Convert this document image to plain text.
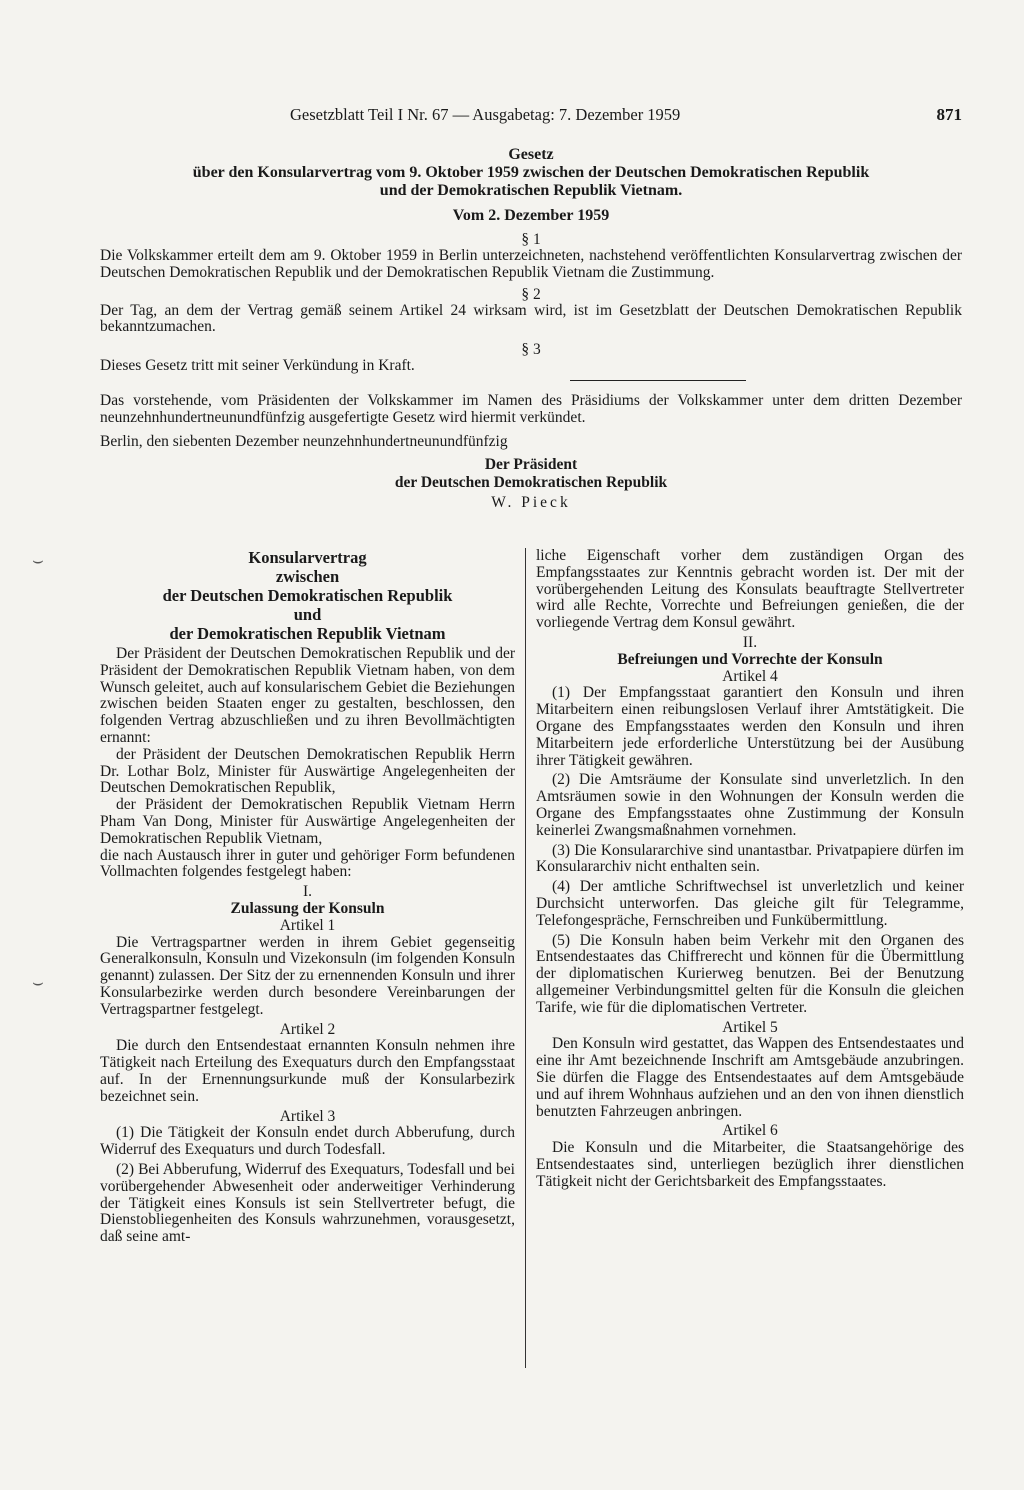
Gesetzblatt Teil I Nr. 67 — Ausgabetag: 7. Dezember 1959	871
Gesetz
über den Konsularvertrag vom 9. Oktober 1959 zwischen der Deutschen Demokratischen Republik
und der Demokratischen Republik Vietnam.
Vom 2. Dezember 1959
§ 1

Die Volkskammer erteilt dem am 9. Oktober 1959 in Berlin unterzeichneten, nachstehend veröffentlichten Konsularvertrag zwischen der Deutschen Demokratischen Republik und der Demokratischen Republik Vietnam die Zustimmung.

§ 2

Der Tag, an dem der Vertrag gemäß seinem Artikel 24 wirksam wird, ist im Gesetzblatt der Deutschen Demokratischen Republik bekanntzumachen.

§ 3

Dieses Gesetz tritt mit seiner Verkündung in Kraft.

Das vorstehende, vom Präsidenten der Volkskammer im Namen des Präsidiums der Volkskammer unter dem dritten Dezember neunzehnhundertneunundfünfzig ausgefertigte Gesetz wird hiermit verkündet.

Berlin, den siebenten Dezember neunzehnhundertneunundfünfzig

Der Präsident
der Deutschen Demokratischen Republik
W. Pieck
Konsularvertrag
zwischen
der Deutschen Demokratischen Republik
und
der Demokratischen Republik Vietnam

Der Präsident der Deutschen Demokratischen Republik und der Präsident der Demokratischen Republik Vietnam haben, von dem Wunsch geleitet, auch auf konsularischem Gebiet die Beziehungen zwischen beiden Staaten enger zu gestalten, beschlossen, den folgenden Vertrag abzuschließen und zu ihren Bevollmächtigten ernannt:

der Präsident der Deutschen Demokratischen Republik Herrn Dr. Lothar Bolz, Minister für Auswärtige Angelegenheiten der Deutschen Demokratischen Republik,

der Präsident der Demokratischen Republik Vietnam Herrn Pham Van Dong, Minister für Auswärtige Angelegenheiten der Demokratischen Republik Vietnam,

die nach Austausch ihrer in guter und gehöriger Form befundenen Vollmachten folgendes festgelegt haben:

I.
Zulassung der Konsuln
Artikel 1

Die Vertragspartner werden in ihrem Gebiet gegenseitig Generalkonsuln, Konsuln und Vizekonsuln (im folgenden Konsuln genannt) zulassen. Der Sitz der zu ernennenden Konsuln und ihrer Konsularbezirke werden durch besondere Vereinbarungen der Vertragspartner festgelegt.

Artikel 2

Die durch den Entsendestaat ernannten Konsuln nehmen ihre Tätigkeit nach Erteilung des Exequaturs durch den Empfangsstaat auf. In der Ernennungsurkunde muß der Konsularbezirk bezeichnet sein.

Artikel 3

(1) Die Tätigkeit der Konsuln endet durch Abberufung, durch Widerruf des Exequaturs und durch Todesfall.

(2) Bei Abberufung, Widerruf des Exequaturs, Todesfall und bei vorübergehender Abwesenheit oder anderweitiger Verhinderung der Tätigkeit eines Konsuls ist sein Stellvertreter befugt, die Dienstobliegenheiten des Konsuls wahrzunehmen, vorausgesetzt, daß seine amt-

liche Eigenschaft vorher dem zuständigen Organ des Empfangsstaates zur Kenntnis gebracht worden ist. Der mit der vorübergehenden Leitung des Konsulats beauftragte Stellvertreter wird alle Rechte, Vorrechte und Befreiungen genießen, die der vorliegende Vertrag dem Konsul gewährt.

II.
Befreiungen und Vorrechte der Konsuln
Artikel 4

(1) Der Empfangsstaat garantiert den Konsuln und ihren Mitarbeitern einen reibungslosen Verlauf ihrer Amtstätigkeit. Die Organe des Empfangsstaates werden den Konsuln und ihren Mitarbeitern jede erforderliche Unterstützung bei der Ausübung ihrer Tätigkeit gewähren.

(2) Die Amtsräume der Konsulate sind unverletzlich. In den Amtsräumen sowie in den Wohnungen der Konsuln werden die Organe des Empfangsstaates ohne Zustimmung der Konsuln keinerlei Zwangsmaßnahmen vornehmen.

(3) Die Konsulararchive sind unantastbar. Privatpapiere dürfen im Konsulararchiv nicht enthalten sein.

(4) Der amtliche Schriftwechsel ist unverletzlich und keiner Durchsicht unterworfen. Das gleiche gilt für Telegramme, Telefongespräche, Fernschreiben und Funkübermittlung.

(5) Die Konsuln haben beim Verkehr mit den Organen des Entsendestaates das Chiffrerecht und können für die Übermittlung der diplomatischen Kurierweg benutzen. Bei der Benutzung allgemeiner Verbindungsmittel gelten für die Konsuln die gleichen Tarife, wie für die diplomatischen Vertreter.

Artikel 5

Den Konsuln wird gestattet, das Wappen des Entsendestaates und eine ihr Amt bezeichnende Inschrift am Amtsgebäude anzubringen. Sie dürfen die Flagge des Entsendestaates auf dem Amtsgebäude und auf ihrem Wohnhaus aufziehen und an den von ihnen dienstlich benutzten Fahrzeugen anbringen.

Artikel 6

Die Konsuln und die Mitarbeiter, die Staatsangehörige des Entsendestaates sind, unterliegen bezüglich ihrer dienstlichen Tätigkeit nicht der Gerichtsbarkeit des Empfangsstaates.

⌣
⌣
